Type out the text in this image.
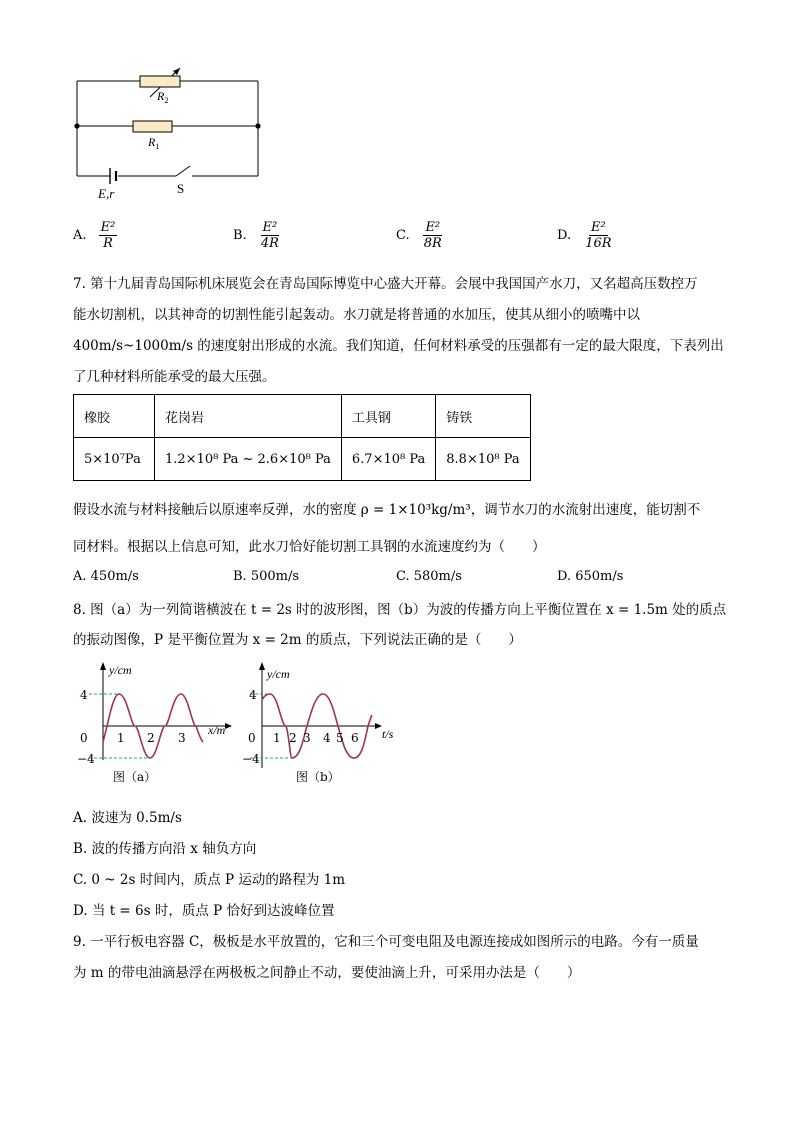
$R_2$
$R_1$
E,r	S
A. $\frac{\text{E²}}{R}$	B. $\frac{\text{E²}}{4R}$	C. $\frac{\text{E²}}{8R}$	D. $\frac{\text{E²}}{16R}$
7. 第十九届青岛国际机床展览会在青岛国际博览中心盛大开幕。会展中我国国产水刀，又名超高压数控万
能水切割机，以其神奇的切割性能引起轰动。水刀就是将普通的水加压，使其从细小的喷嘴中以
400m/s~1000m/s 的速度射出形成的水流。我们知道，任何材料承受的压强都有一定的最大限度，下表列出
了几种材料所能承受的最大压强。
橡胶	花岗岩	工具钢	铸铁
5×10⁷Pa	1.2×10⁸ Pa ~ 2.6×10⁸ Pa	6.7×10⁸ Pa	8.8×10⁸ Pa
假设水流与材料接触后以原速率反弹，水的密度 ρ = 1×10³kg/m³，调节水刀的水流射出速度，能切割不
同材料。根据以上信息可知，此水刀恰好能切割工具钢的水流速度约为（　　）
A. 450m/s	B. 500m/s	C. 580m/s	D. 650m/s
8. 图（a）为一列简谐横波在 t = 2s 时的波形图，图（b）为波的传播方向上平衡位置在 x = 1.5m 处的质点
的振动图像，P 是平衡位置为 x = 2m 的质点，下列说法正确的是（　　）
y/cm
x/m
4
−4
0 1 2 3
图（a）
y/cm
t/s
4
−4
0 1 2 3 4 5 6
图（b）
A. 波速为 0.5m/s
B. 波的传播方向沿 x 轴负方向
C. 0 ~ 2s 时间内，质点 P 运动的路程为 1m
D. 当 t = 6s 时，质点 P 恰好到达波峰位置
9. 一平行板电容器 C，极板是水平放置的，它和三个可变电阻及电源连接成如图所示的电路。今有一质量
为 m 的带电油滴悬浮在两极板之间静止不动，要使油滴上升，可采用办法是（　　）
